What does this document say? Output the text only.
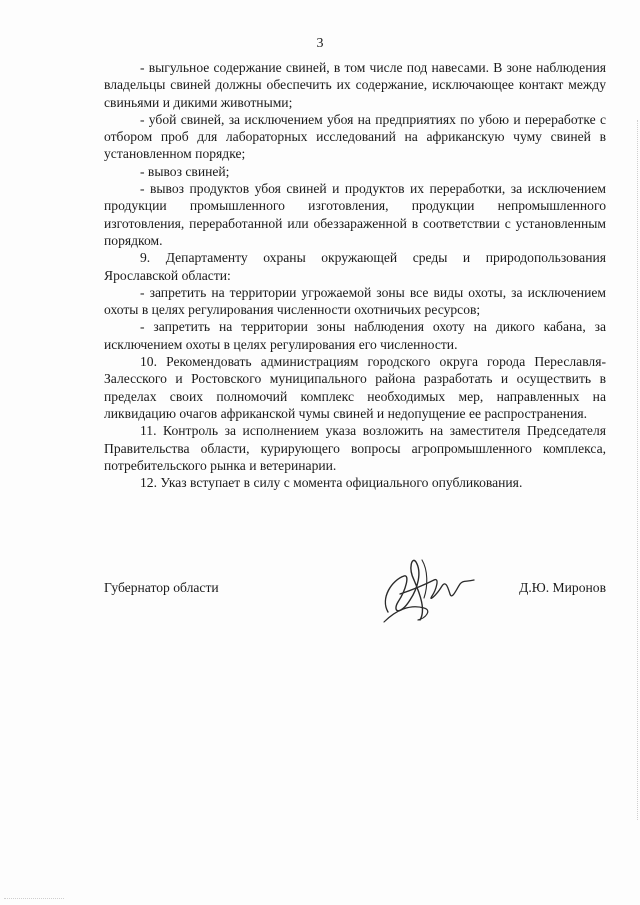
3

- выгульное содержание свиней, в том числе под навесами. В зоне наблюдения владельцы свиней должны обеспечить их содержание, исключающее контакт между свиньями и дикими животными;

- убой свиней, за исключением убоя на предприятиях по убою и переработке с отбором проб для лабораторных исследований на африканскую чуму свиней в установленном порядке;

- вывоз свиней;

- вывоз продуктов убоя свиней и продуктов их переработки, за исключением продукции промышленного изготовления, продукции непромышленного изготовления, переработанной или обеззараженной в соответствии с установленным порядком.

9. Департаменту охраны окружающей среды и природопользования Ярославской области:

- запретить на территории угрожаемой зоны все виды охоты, за исключением охоты в целях регулирования численности охотничьих ресурсов;

- запретить на территории зоны наблюдения охоту на дикого кабана, за исключением охоты в целях регулирования его численности.

10. Рекомендовать администрациям городского округа города Переславля-Залесского и Ростовского муниципального района разработать и осуществить в пределах своих полномочий комплекс необходимых мер, направленных на ликвидацию очагов африканской чумы свиней и недопущение ее распространения.

11. Контроль за исполнением указа возложить на заместителя Председателя Правительства области, курирующего вопросы агропромышленного комплекса, потребительского рынка и ветеринарии.

12. Указ вступает в силу с момента официального опубликования.

Губернатор области	Д.Ю. Миронов
